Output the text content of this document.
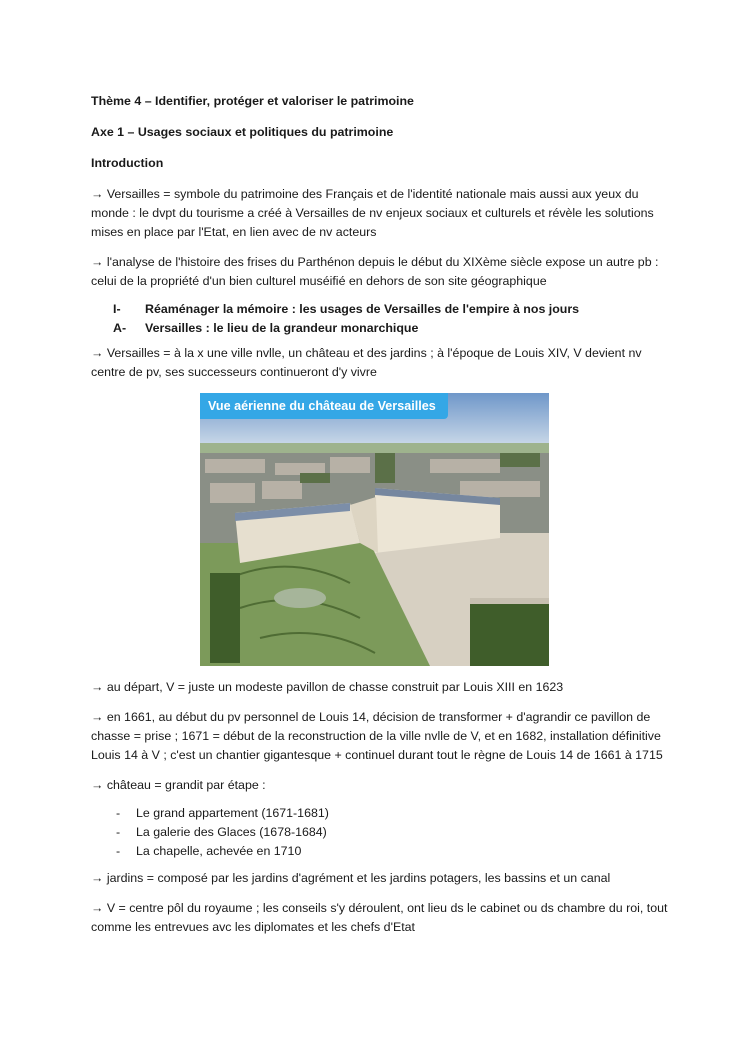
Thème 4 – Identifier, protéger et valoriser le patrimoine

Axe 1 – Usages sociaux et politiques du patrimoine

Introduction

→ Versailles = symbole du patrimoine des Français et de l'identité nationale mais aussi aux yeux du monde : le dvpt du tourisme a créé à Versailles de nv enjeux sociaux et culturels et révèle les solutions mises en place par l'Etat, en lien avec de nv acteurs

→ l'analyse de l'histoire des frises du Parthénon depuis le début du XIXème siècle expose un autre pb : celui de la propriété d'un bien culturel muséifié en dehors de son site géographique

I-	Réaménager la mémoire : les usages de Versailles de l'empire à nos jours
A-	Versailles : le lieu de la grandeur monarchique

→ Versailles = à la x une ville nvlle, un château et des jardins ; à l'époque de Louis XIV, V devient nv centre de pv, ses successeurs continueront d'y vivre

Vue aérienne du château de Versailles

→ au départ, V = juste un modeste pavillon de chasse construit par Louis XIII en 1623

→ en 1661, au début du pv personnel de Louis 14, décision de transformer + d'agrandir ce pavillon de chasse = prise ; 1671 = début de la reconstruction de la ville nvlle de V, et en 1682, installation définitive Louis 14 à V ; c'est un chantier gigantesque + continuel durant tout le règne de Louis 14 de 1661 à 1715

→ château = grandit par étape :

-	Le grand appartement (1671-1681)
-	La galerie des Glaces (1678-1684)
-	La chapelle, achevée en 1710

→ jardins = composé par les jardins d'agrément et les jardins potagers, les bassins et un canal

→ V = centre pôl du royaume ; les conseils s'y déroulent, ont lieu ds le cabinet ou ds chambre du roi, tout comme les entrevues avc les diplomates et les chefs d'Etat
